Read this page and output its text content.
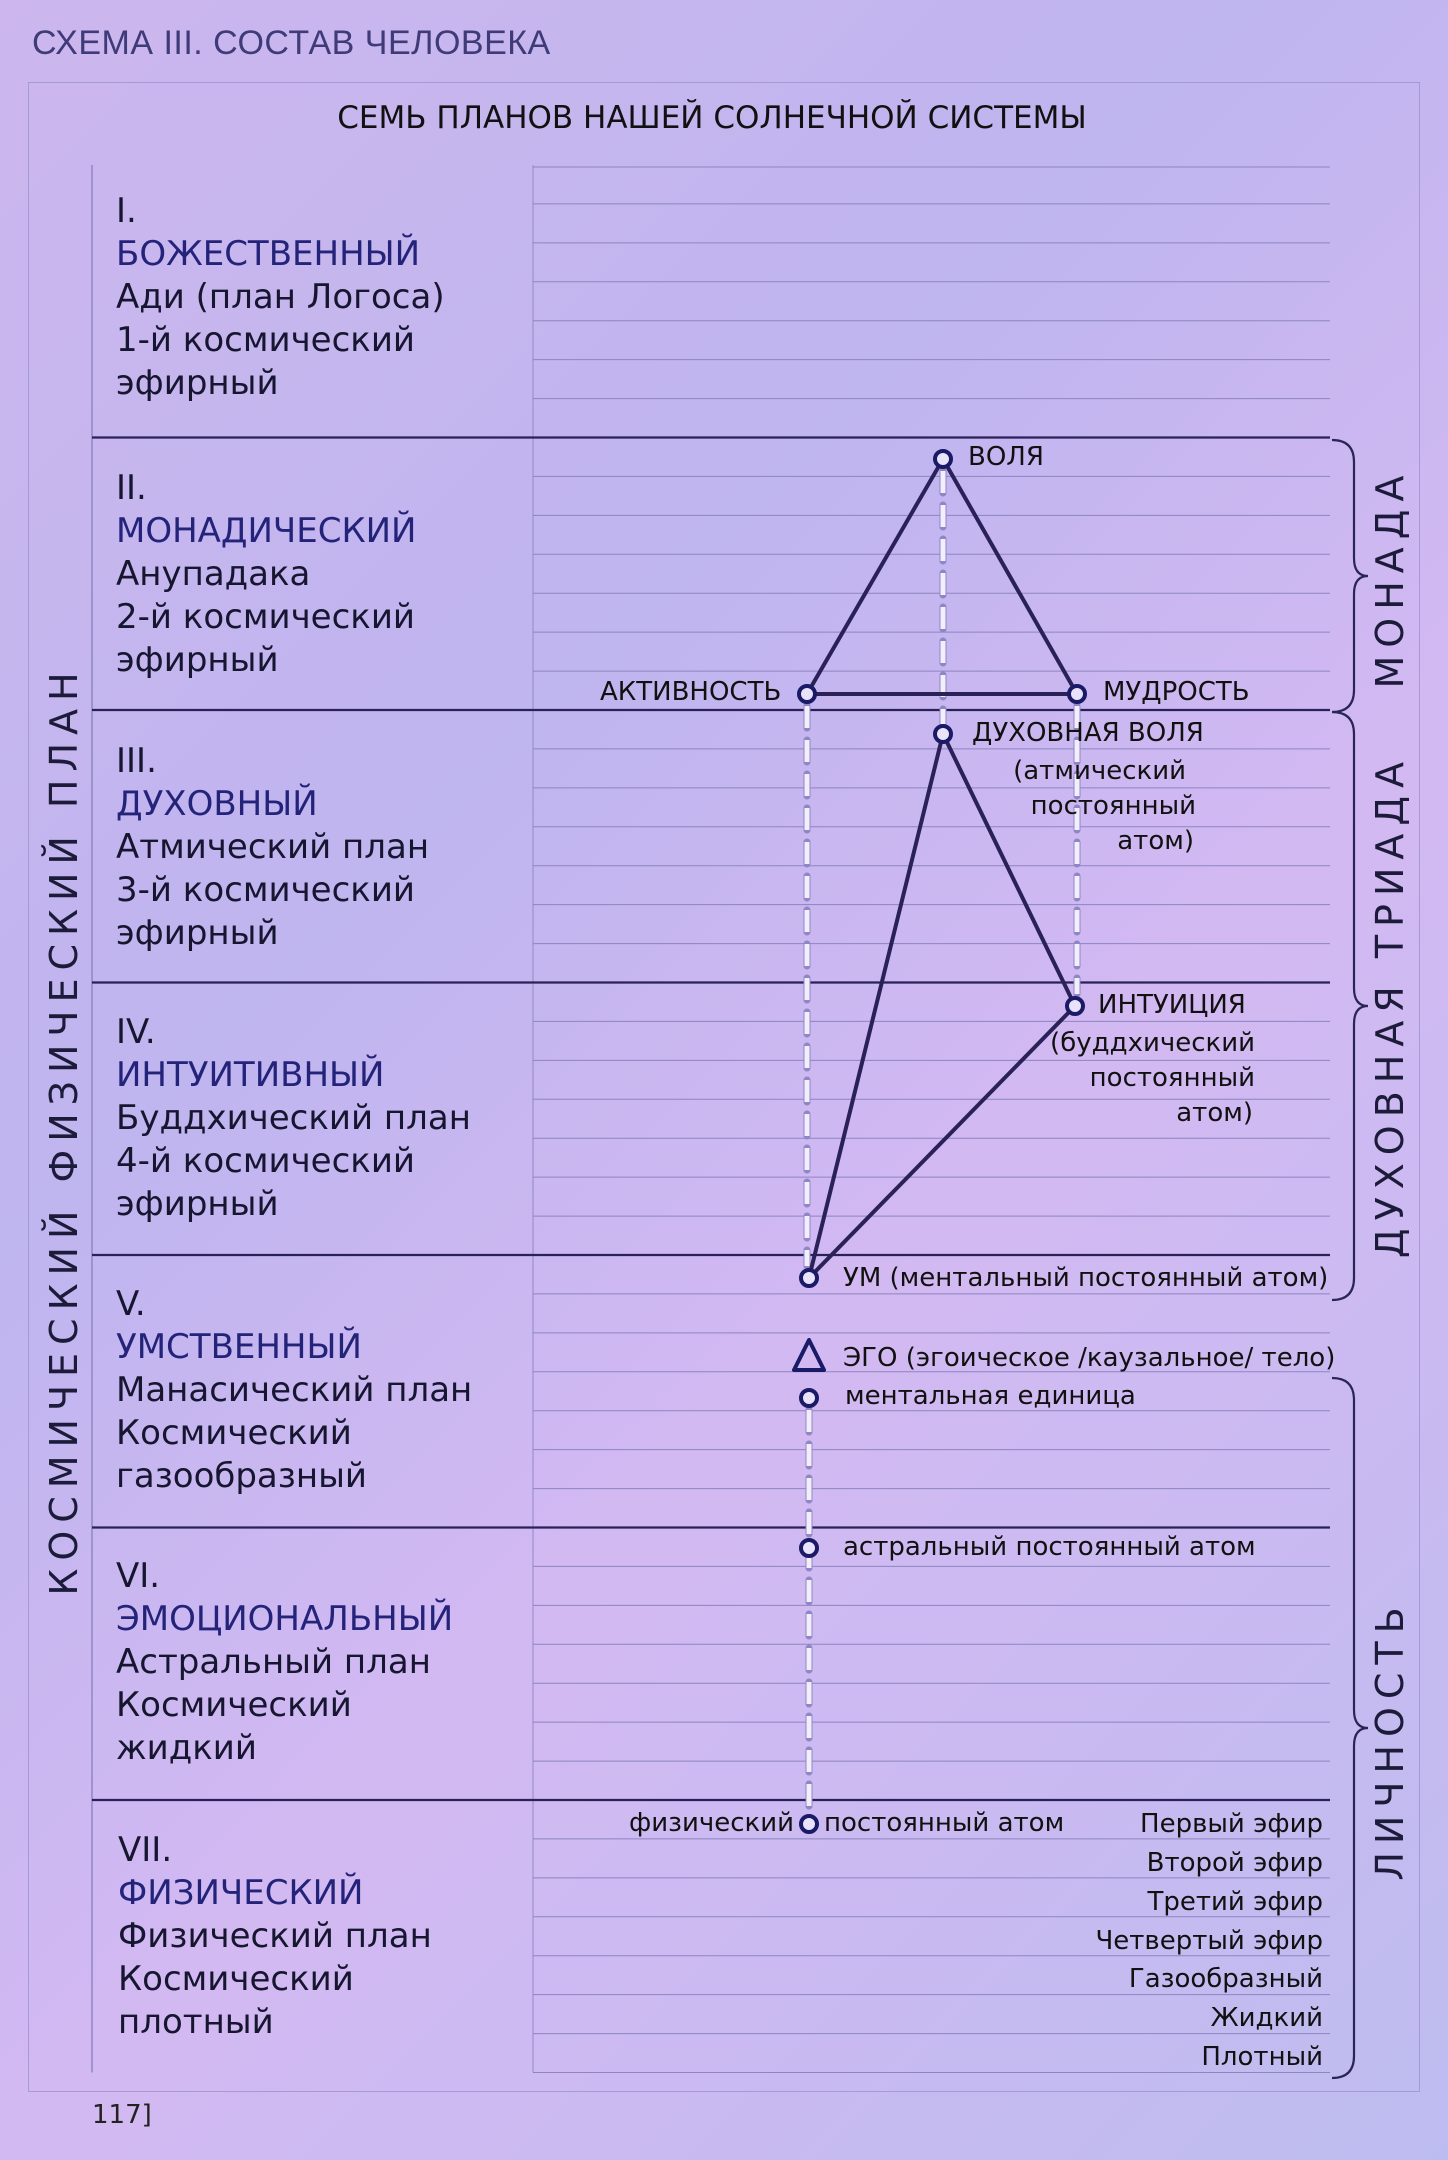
СХЕМА III. СОСТАВ ЧЕЛОВЕКА
СЕМЬ ПЛАНОВ НАШЕЙ СОЛНЕЧНОЙ СИСТЕМЫ
I.
БОЖЕСТВЕННЫЙ
Ади (план Логоса)
1-й космический
эфирный
II.
МОНАДИЧЕСКИЙ
Анупадака
2-й космический
эфирный
III.
ДУХОВНЫЙ
Атмический план
3-й космический
эфирный
IV.
ИНТУИТИВНЫЙ
Буддхический план
4-й космический
эфирный
V.
УМСТВЕННЫЙ
Манасический план
Космический
газообразный
VI.
ЭМОЦИОНАЛЬНЫЙ
Астральный план
Космический
жидкий
VII.
ФИЗИЧЕСКИЙ
Физический план
Космический
плотный
КОСМИЧЕСКИЙ ФИЗИЧЕСКИЙ ПЛАН
МОНАДА
ДУХОВНАЯ ТРИАДА
ЛИЧНОСТЬ
ВОЛЯ
АКТИВНОСТЬ	МУДРОСТЬ
ДУХОВНАЯ ВОЛЯ
(атмический
постоянный
атом)
ИНТУИЦИЯ
(буддхический
постоянный
атом)
УМ (ментальный постоянный атом)
ЭГО (эгоическое /каузальное/ тело)
ментальная единица
астральный постоянный атом
физический постоянный атом	Первый эфир
Второй эфир
Третий эфир
Четвертый эфир
Газообразный
Жидкий
Плотный
117]
